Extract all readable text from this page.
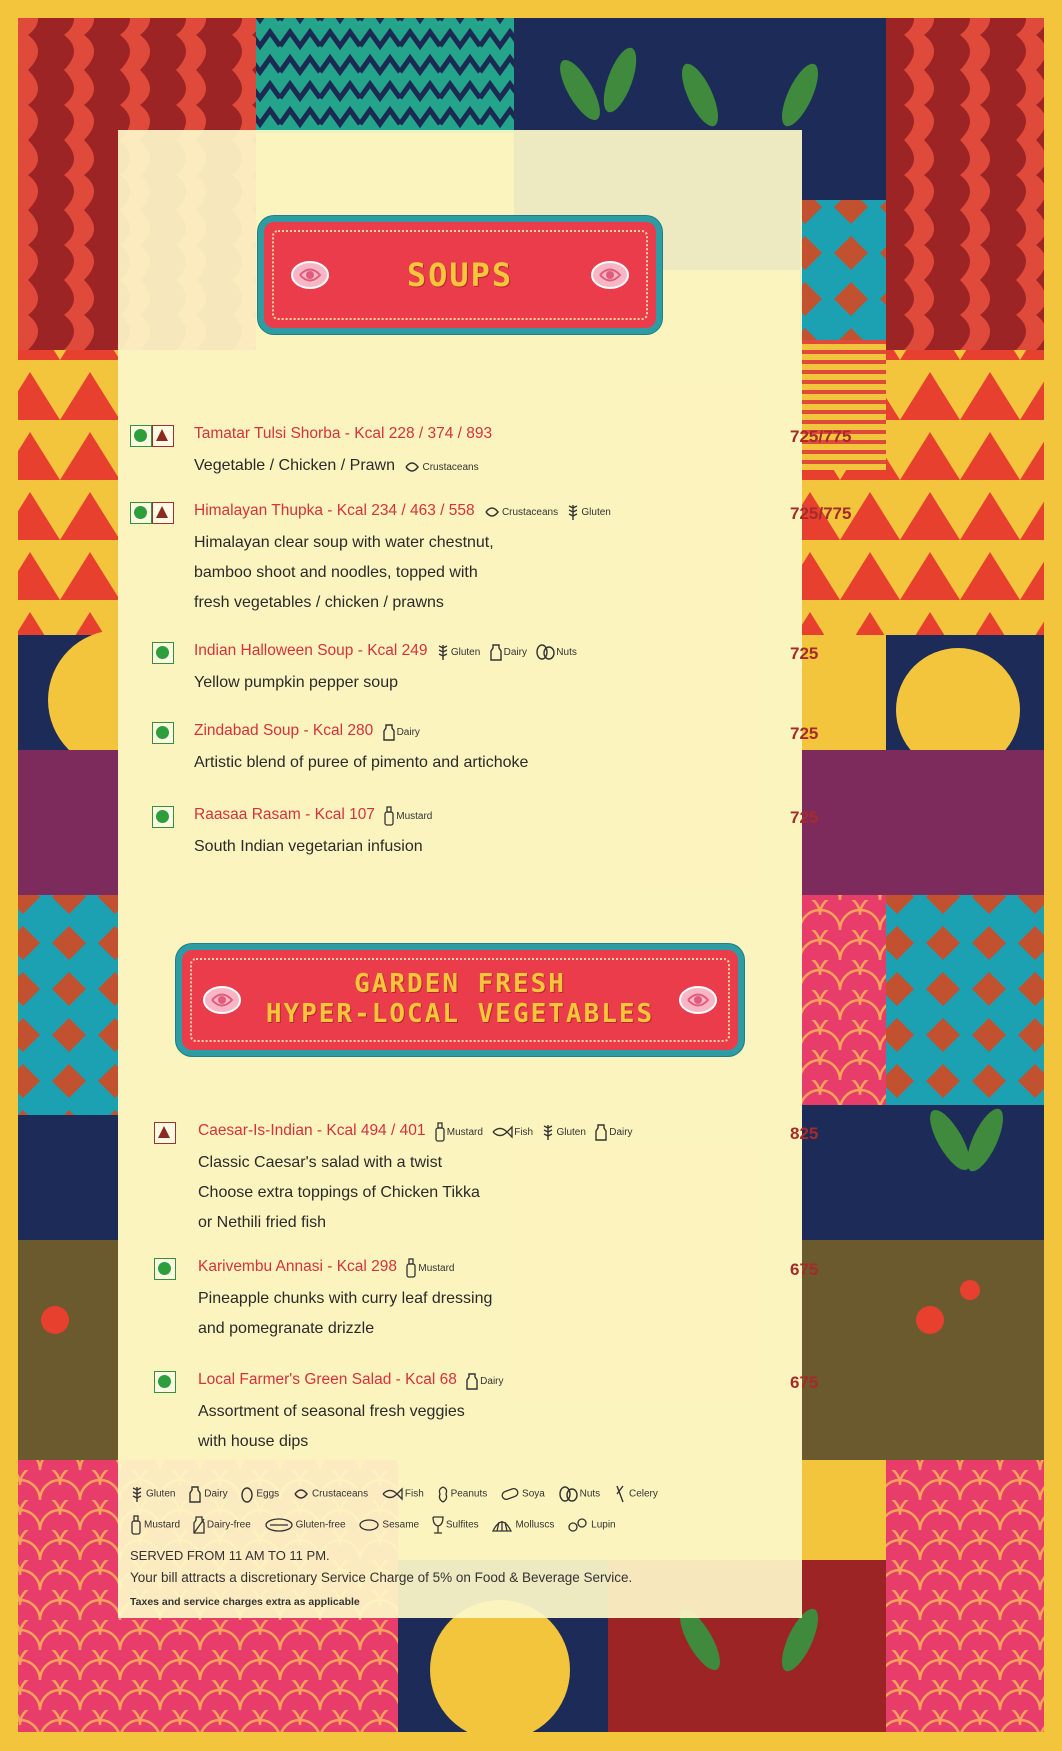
SOUPS
Tamatar Tulsi Shorba - Kcal 228 / 374 / 893
Vegetable / Chicken / Prawn	Crustaceans
725/775
Himalayan Thupka - Kcal 234 / 463 / 558	Crustaceans Gluten
Himalayan clear soup with water chestnut,
bamboo shoot and noodles, topped with
fresh vegetables / chicken / prawns
725/775
Indian Halloween Soup - Kcal 249 Gluten Dairy	Nuts
Yellow pumpkin pepper soup
725
Zindabad Soup - Kcal 280 Dairy
Artistic blend of puree of pimento and artichoke
725
Raasaa Rasam - Kcal 107 Mustard
South Indian vegetarian infusion
725
GARDEN FRESH
HYPER-LOCAL VEGETABLES
Caesar-Is-Indian - Kcal 494 / 401 Mustard	Fish Gluten Dairy
Classic Caesar's salad with a twist
Choose extra toppings of Chicken Tikka
or Nethili fried fish
825
Karivembu Annasi - Kcal 298 Mustard
Pineapple chunks with curry leaf dressing
and pomegranate drizzle
675
Local Farmer's Green Salad - Kcal 68 Dairy
Assortment of seasonal fresh veggies
with house dips
675
Gluten	Dairy	Eggs	Crustaceans	Fish	Peanuts	Soya	Nuts	Celery
Mustard	Dairy-free	Gluten-free	Sesame	Sulfites	Molluscs	Lupin
SERVED FROM 11 AM TO 11 PM.
Your bill attracts a discretionary Service Charge of 5% on Food & Beverage Service.
Taxes and service charges extra as applicable
